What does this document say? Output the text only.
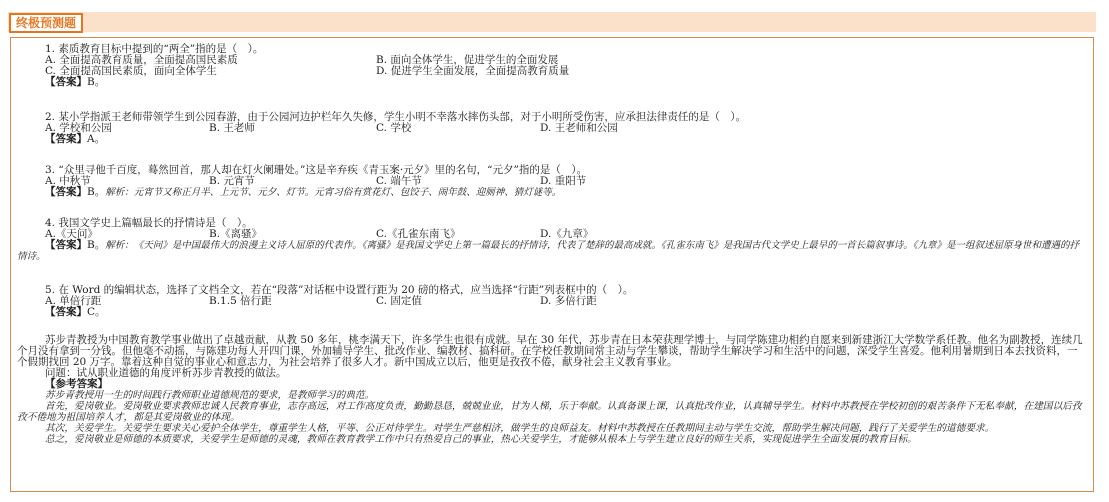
终极预测题
1. 素质教育目标中提到的“两全”指的是（　）。
A. 全面提高教育质量，全面提高国民素质	B. 面向全体学生，促进学生的全面发展
C. 全面提高国民素质，面向全体学生	D. 促进学生全面发展，全面提高教育质量
【答案】B。
2. 某小学指派王老师带领学生到公园春游，由于公园河边护栏年久失修，学生小明不幸落水摔伤头部，对于小明所受伤害，应承担法律责任的是（　）。
A. 学校和公园	B. 王老师	C. 学校	D. 王老师和公园
【答案】A。
3. “众里寻他千百度，蓦然回首，那人却在灯火阑珊处。”这是辛弃疾《青玉案·元夕》里的名句，“元夕”指的是（　）。
A. 中秋节	B. 元宵节	C. 端午节	D. 重阳节
【答案】B。解析：元宵节又称正月半、上元节、元夕、灯节。元宵习俗有赏花灯、包饺子、闹年鼓、迎厕神、猜灯谜等。
4. 我国文学史上篇幅最长的抒情诗是（　）。
A.《天问》	B.《离骚》	C.《孔雀东南飞》	D.《九章》
【答案】B。解析：《天问》是中国最伟大的浪漫主义诗人屈原的代表作。《离骚》是我国文学史上第一篇最长的抒情诗，代表了楚辞的最高成就。《孔雀东南飞》是我国古代文学史上最早的一首长篇叙事诗。《九章》是一组叙述屈原身世和遭遇的抒情诗。
5. 在 Word 的编辑状态，选择了文档全文，若在“段落”对话框中设置行距为 20 磅的格式，应当选择“行距”列表框中的（　）。
A. 单倍行距	B.1.5 倍行距	C. 固定值	D. 多倍行距
【答案】C。

苏步青教授为中国教育教学事业做出了卓越贡献，从教 50 多年，桃李满天下，许多学生也很有成就。早在 30 年代，苏步青在日本荣获理学博士，与同学陈建功相约自愿来到新建浙江大学数学系任教。他名为副教授，连续几个月没有拿到一分钱。但他毫不动摇，与陈建功每人开四门课，外加辅导学生、批改作业、编教材、搞科研。在学校任教期间常主动与学生攀谈，帮助学生解决学习和生活中的问题，深受学生喜爱。他利用暑期到日本去找资料，一个假期找回 20 万字。靠着这种自觉的事业心和意志力，为社会培养了很多人才。新中国成立以后，他更是孜孜不倦，献身社会主义教育事业。

问题：试从职业道德的角度评析苏步青教授的做法。

【参考答案】

苏步青教授用一生的时间践行教师职业道德规范的要求，是教师学习的典范。

首先，爱岗敬业。爱岗敬业要求教师忠诚人民教育事业，志存高远，对工作高度负责，勤勤恳恳，兢兢业业，甘为人梯，乐于奉献。认真备课上课，认真批改作业，认真辅导学生。材料中苏教授在学校初创的艰苦条件下无私奉献，在建国以后孜孜不倦地为祖国培养人才，都是其爱岗敬业的体现。

其次，关爱学生。关爱学生要求关心爱护全体学生，尊重学生人格，平等、公正对待学生。对学生严慈相济，做学生的良师益友。材料中苏教授在任教期间主动与学生交流，帮助学生解决问题，践行了关爱学生的道德要求。

总之，爱岗敬业是师德的本质要求，关爱学生是师德的灵魂，教师在教育教学工作中只有热爱自己的事业，热心关爱学生，才能够从根本上与学生建立良好的师生关系，实现促进学生全面发展的教育目标。
